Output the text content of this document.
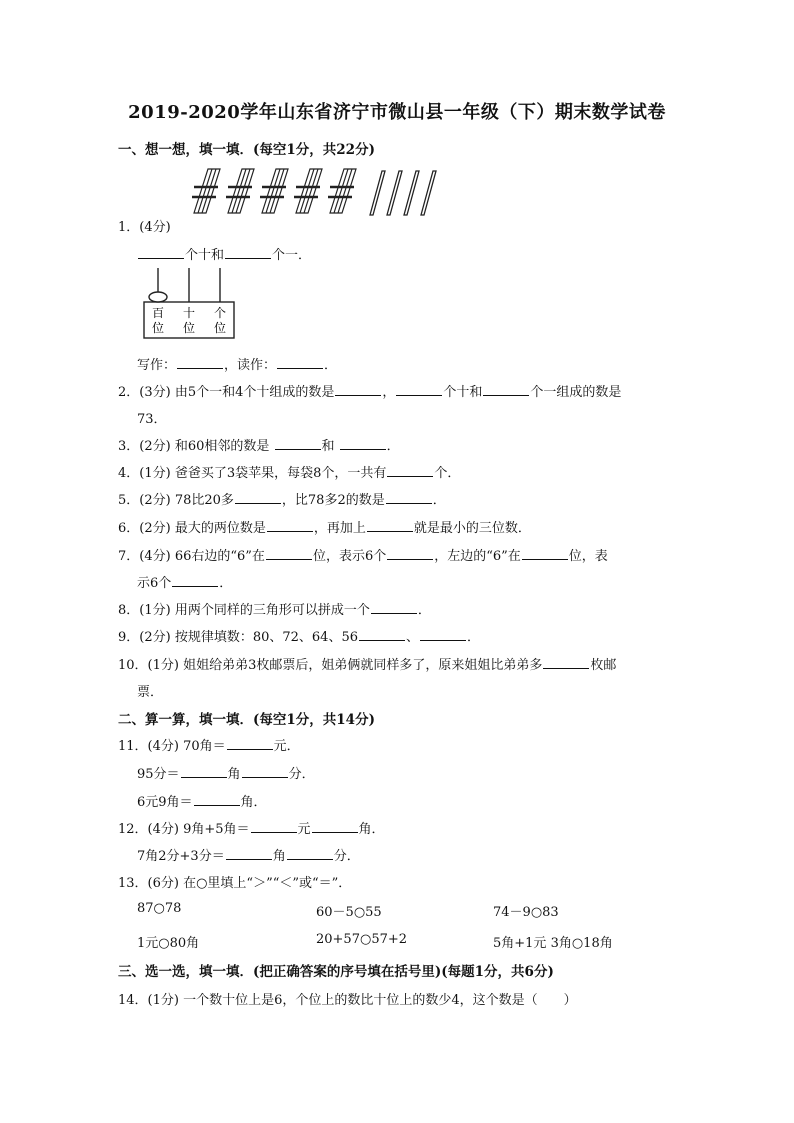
2019-2020学年山东省济宁市微山县一年级（下）期末数学试卷
一、想一想，填一填．(每空1分，共22分)
1．(4分)
个十和	个一．
百
位
十
位
个
位
写作：	，读作：	．
2．(3分) 由5个一和4个十组成的数是	，	个十和	个一组成的数是
73．
3．(2分) 和60相邻的数是	和	．
4．(1分) 爸爸买了3袋苹果，每袋8个，一共有	个．
5．(2分) 78比20多	，比78多2的数是	．
6．(2分) 最大的两位数是	，再加上	就是最小的三位数．
7．(4分) 66右边的“6”在	位，表示6个	，左边的“6”在	位，表
示6个	．
8．(1分) 用两个同样的三角形可以拼成一个	．
9．(2分) 按规律填数：80、72、64、56	、	．
10．(1分) 姐姐给弟弟3枚邮票后，姐弟俩就同样多了，原来姐姐比弟弟多	枚邮
票．
二、算一算，填一填．(每空1分，共14分)
11．(4分) 70角＝	元．
95分＝	角	分．
6元9角＝	角．
12．(4分) 9角+5角＝	元	角．
7角2分+3分＝	角	分．
13．(6分) 在○里填上“＞”“＜”或“＝”．
87○78	60－5○55	74－9○83
1元○80角	20+57○57+2	5角+1元 3角○18角
三、选一选，填一填．(把正确答案的序号填在括号里)(每题1分，共6分)
14．(1分) 一个数十位上是6，个位上的数比十位上的数少4，这个数是（　　）
